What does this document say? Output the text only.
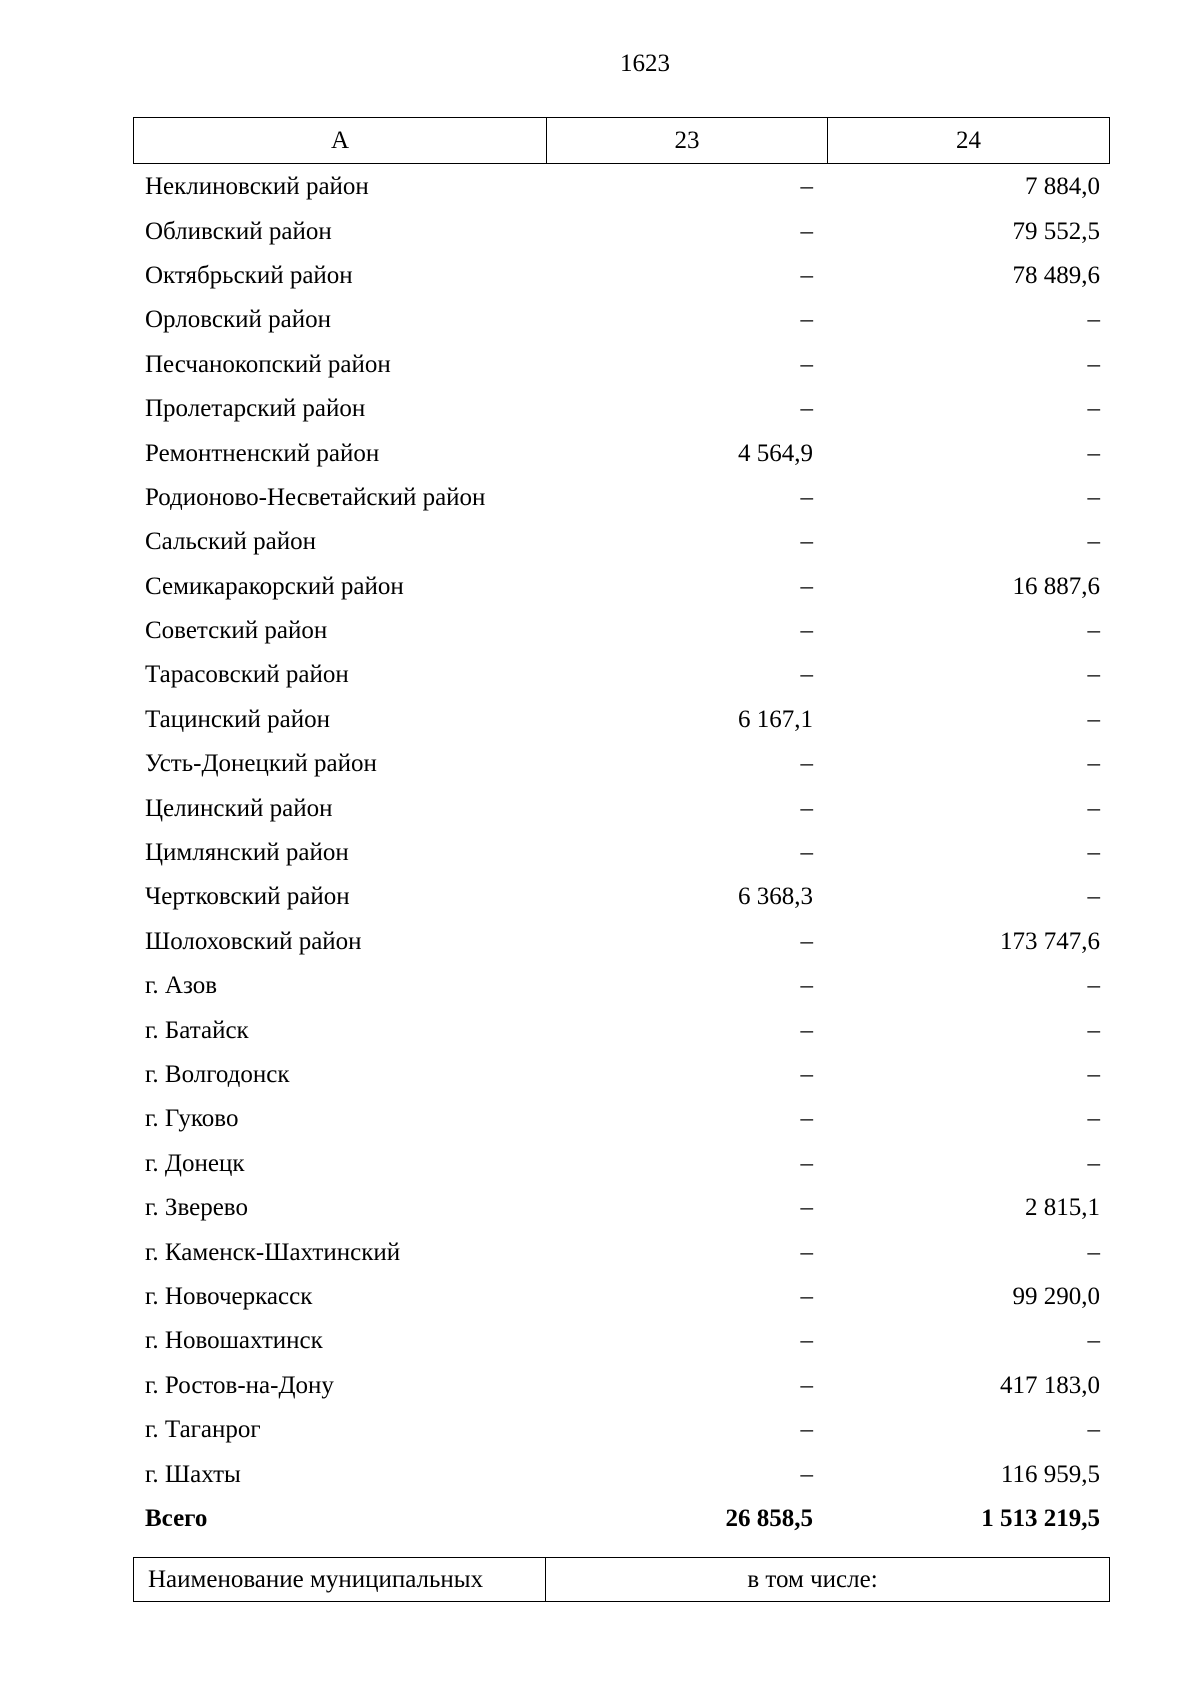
1623
А	23	24
Неклиновский район	–	7 884,0
Обливский район	–	79 552,5
Октябрьский район	–	78 489,6
Орловский район	–	–
Песчанокопский район	–	–
Пролетарский район	–	–
Ремонтненский район	4 564,9	–
Родионово-Несветайский район	–	–
Сальский район	–	–
Семикаракорский район	–	16 887,6
Советский район	–	–
Тарасовский район	–	–
Тацинский район	6 167,1	–
Усть-Донецкий район	–	–
Целинский район	–	–
Цимлянский район	–	–
Чертковский район	6 368,3	–
Шолоховский район	–	173 747,6
г. Азов	–	–
г. Батайск	–	–
г. Волгодонск	–	–
г. Гуково	–	–
г. Донецк	–	–
г. Зверево	–	2 815,1
г. Каменск-Шахтинский	–	–
г. Новочеркасск	–	99 290,0
г. Новошахтинск	–	–
г. Ростов-на-Дону	–	417 183,0
г. Таганрог	–	–
г. Шахты	–	116 959,5
Всего	26 858,5	1 513 219,5
Наименование муниципальных	в том числе:
